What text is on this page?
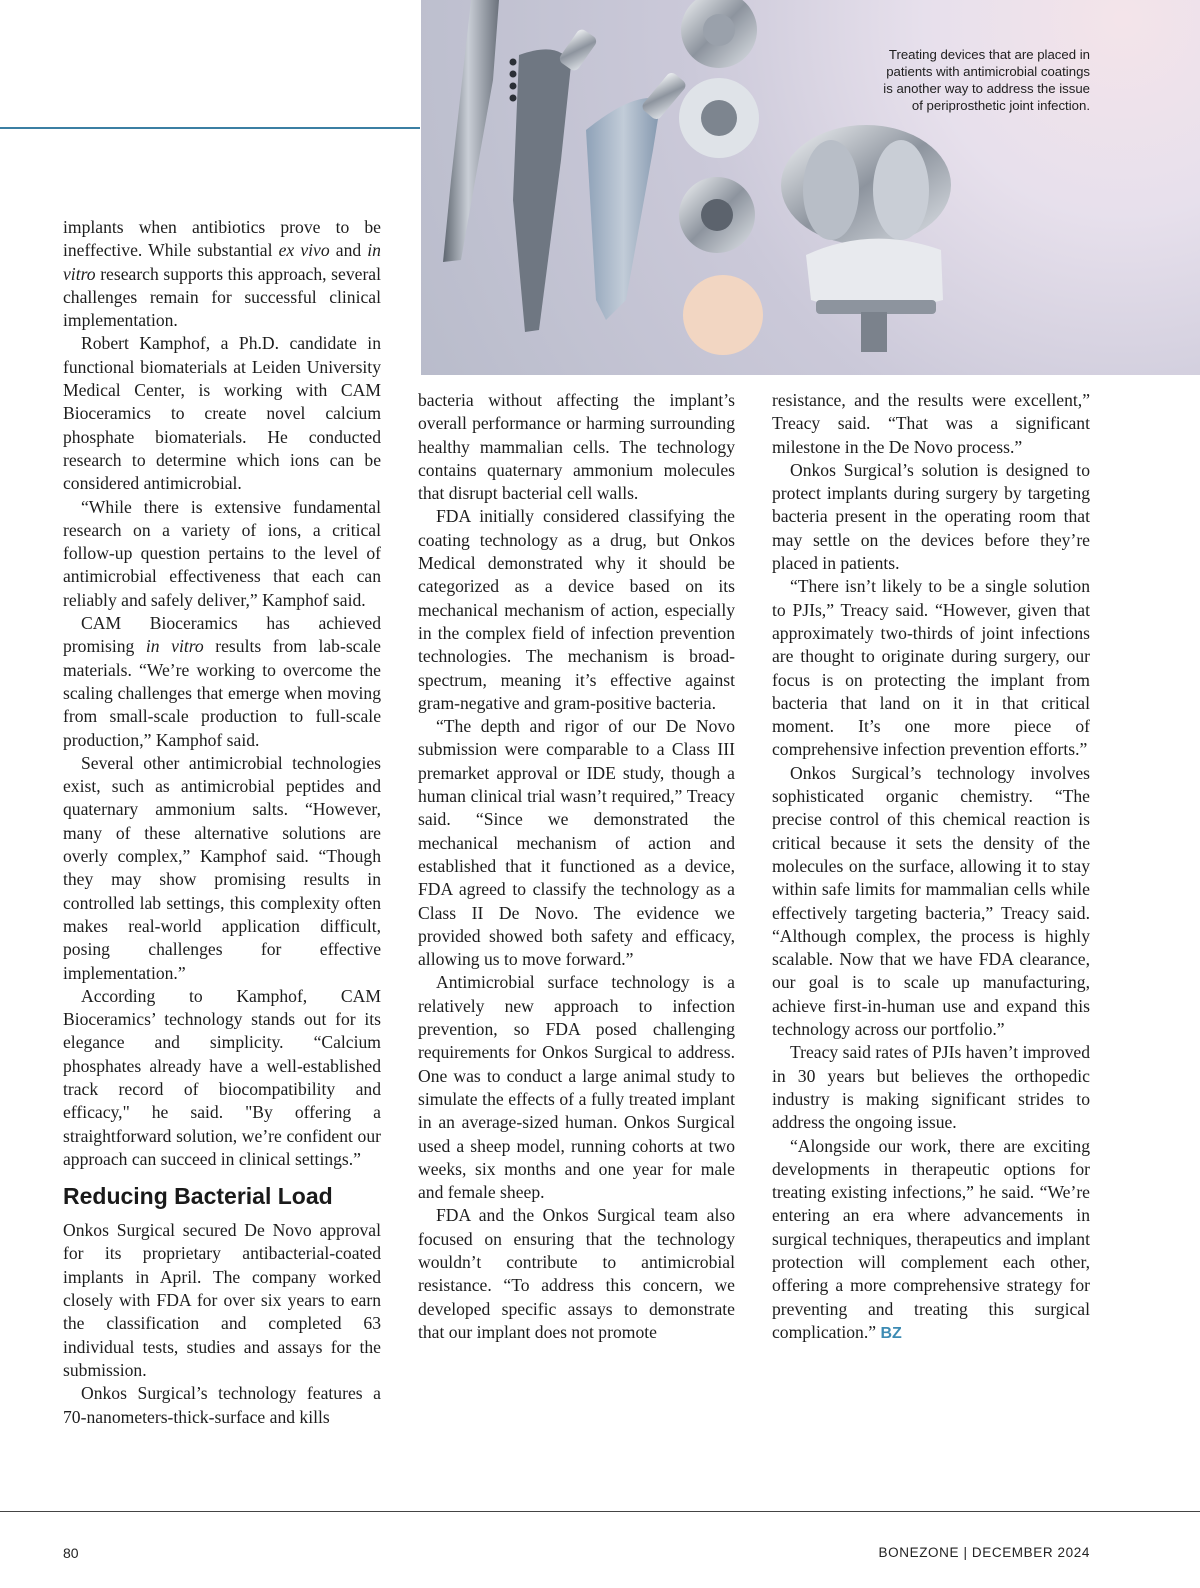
Treating devices that are placed in patients with antimicrobial coatings is another way to address the issue of periprosthetic joint infection.

implants when antibiotics prove to be ineffective. While substantial ex vivo and in vitro research supports this approach, several challenges remain for successful clinical implementation.

Robert Kamphof, a Ph.D. candidate in functional biomaterials at Leiden University Medical Center, is working with CAM Bioceramics to create novel calcium phosphate biomaterials. He conducted research to determine which ions can be considered antimicrobial.

“While there is extensive fundamental research on a variety of ions, a critical follow-up question pertains to the level of antimicrobial effectiveness that each can reliably and safely deliver,” Kamphof said.

CAM Bioceramics has achieved promising in vitro results from lab-scale materials. “We’re working to overcome the scaling challenges that emerge when moving from small-scale production to full-scale production,” Kamphof said.

Several other antimicrobial technologies exist, such as antimicrobial peptides and quaternary ammonium salts. “However, many of these alternative solutions are overly complex,” Kamphof said. “Though they may show promising results in controlled lab settings, this complexity often makes real-world application difficult, posing challenges for effective implementation.”

According to Kamphof, CAM Bioceramics’ technology stands out for its elegance and simplicity. “Calcium phosphates already have a well-established track record of biocompatibility and efficacy," he said. "By offering a straightforward solution, we’re confident our approach can succeed in clinical settings.”

Reducing Bacterial Load

Onkos Surgical secured De Novo approval for its proprietary antibacterial-coated implants in April. The company worked closely with FDA for over six years to earn the classification and completed 63 individual tests, studies and assays for the submission.

Onkos Surgical’s technology features a 70-nanometers-thick-surface and kills

bacteria without affecting the implant’s overall performance or harming surrounding healthy mammalian cells. The technology contains quaternary ammonium molecules that disrupt bacterial cell walls.

FDA initially considered classifying the coating technology as a drug, but Onkos Medical demonstrated why it should be categorized as a device based on its mechanical mechanism of action, especially in the complex field of infection prevention technologies. The mechanism is broad-spectrum, meaning it’s effective against gram-negative and gram-positive bacteria.

“The depth and rigor of our De Novo submission were comparable to a Class III premarket approval or IDE study, though a human clinical trial wasn’t required,” Treacy said. “Since we demonstrated the mechanical mechanism of action and established that it functioned as a device, FDA agreed to classify the technology as a Class II De Novo. The evidence we provided showed both safety and efficacy, allowing us to move forward.”

Antimicrobial surface technology is a relatively new approach to infection prevention, so FDA posed challenging requirements for Onkos Surgical to address. One was to conduct a large animal study to simulate the effects of a fully treated implant in an average-sized human. Onkos Surgical used a sheep model, running cohorts at two weeks, six months and one year for male and female sheep.

FDA and the Onkos Surgical team also focused on ensuring that the technology wouldn’t contribute to antimicrobial resistance. “To address this concern, we developed specific assays to demonstrate that our implant does not promote

resistance, and the results were excellent,” Treacy said. “That was a significant milestone in the De Novo process.”

Onkos Surgical’s solution is designed to protect implants during surgery by targeting bacteria present in the operating room that may settle on the devices before they’re placed in patients.

“There isn’t likely to be a single solution to PJIs,” Treacy said. “However, given that approximately two-thirds of joint infections are thought to originate during surgery, our focus is on protecting the implant from bacteria that land on it in that critical moment. It’s one more piece of comprehensive infection prevention efforts.”

Onkos Surgical’s technology involves sophisticated organic chemistry. “The precise control of this chemical reaction is critical because it sets the density of the molecules on the surface, allowing it to stay within safe limits for mammalian cells while effectively targeting bacteria,” Treacy said. “Although complex, the process is highly scalable. Now that we have FDA clearance, our goal is to scale up manufacturing, achieve first-in-human use and expand this technology across our portfolio.”

Treacy said rates of PJIs haven’t improved in 30 years but believes the orthopedic industry is making significant strides to address the ongoing issue.

“Alongside our work, there are exciting developments in therapeutic options for treating existing infections,” he said. “We’re entering an era where advancements in surgical techniques, therapeutics and implant protection will complement each other, offering a more comprehensive strategy for preventing and treating this surgical complication.” BZ

80	BONEZONE | DECEMBER 2024
